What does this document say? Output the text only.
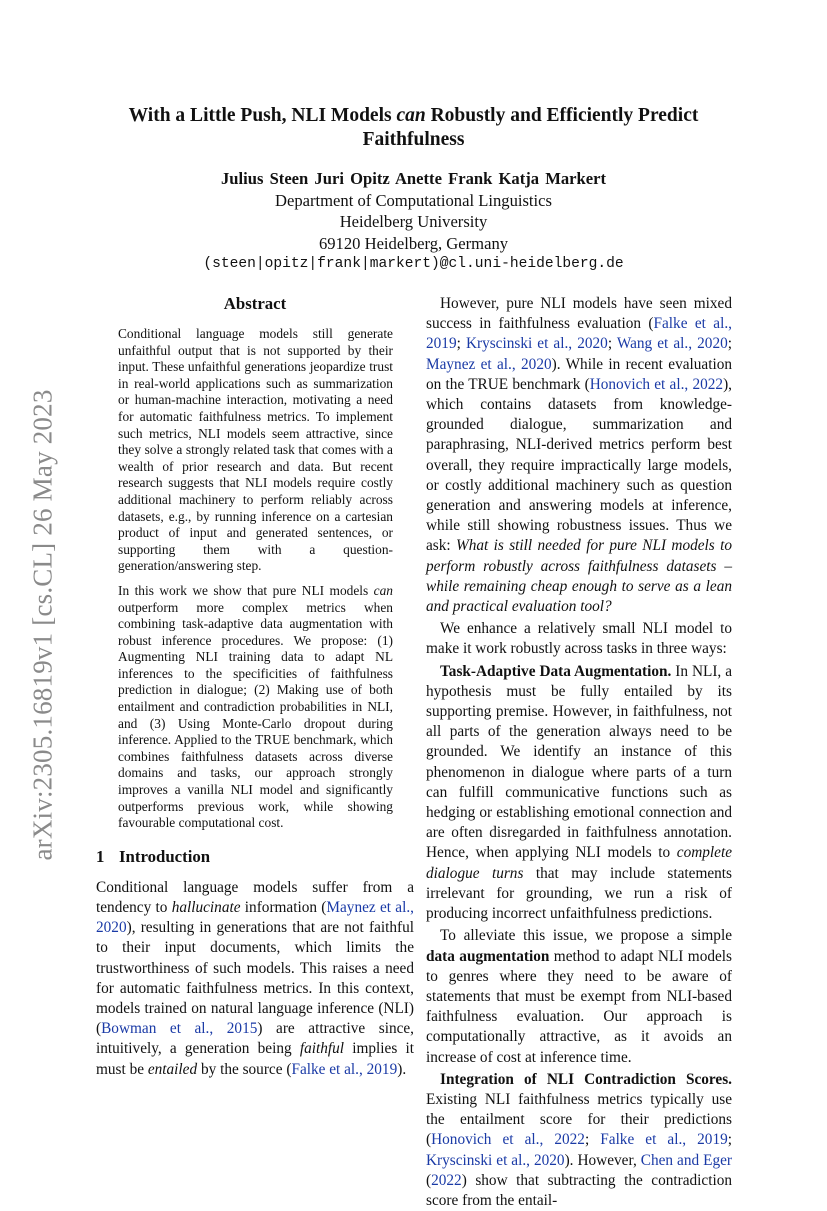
arXiv:2305.16819v1 [cs.CL] 26 May 2023
With a Little Push, NLI Models can Robustly and Efficiently Predict Faithfulness
Julius Steen Juri Opitz Anette Frank Katja Markert
Department of Computational Linguistics
Heidelberg University
69120 Heidelberg, Germany
(steen|opitz|frank|markert)@cl.uni-heidelberg.de
Abstract

Conditional language models still generate unfaithful output that is not supported by their input. These unfaithful generations jeopardize trust in real-world applications such as summarization or human-machine interaction, motivating a need for automatic faithfulness metrics. To implement such metrics, NLI models seem attractive, since they solve a strongly related task that comes with a wealth of prior research and data. But recent research suggests that NLI models require costly additional machinery to perform reliably across datasets, e.g., by running inference on a cartesian product of input and generated sentences, or supporting them with a question-generation/answering step.

In this work we show that pure NLI models can outperform more complex metrics when combining task-adaptive data augmentation with robust inference procedures. We propose: (1) Augmenting NLI training data to adapt NL inferences to the specificities of faithfulness prediction in dialogue; (2) Making use of both entailment and contradiction probabilities in NLI, and (3) Using Monte-Carlo dropout during inference. Applied to the TRUE benchmark, which combines faithfulness datasets across diverse domains and tasks, our approach strongly improves a vanilla NLI model and significantly outperforms previous work, while showing favourable computational cost.

1 Introduction

Conditional language models suffer from a tendency to hallucinate information (Maynez et al., 2020), resulting in generations that are not faithful to their input documents, which limits the trustworthiness of such models. This raises a need for automatic faithfulness metrics. In this context, models trained on natural language inference (NLI) (Bowman et al., 2015) are attractive since, intuitively, a generation being faithful implies it must be entailed by the source (Falke et al., 2019).

However, pure NLI models have seen mixed success in faithfulness evaluation (Falke et al., 2019; Kryscinski et al., 2020; Wang et al., 2020; Maynez et al., 2020). While in recent evaluation on the TRUE benchmark (Honovich et al., 2022), which contains datasets from knowledge-grounded dialogue, summarization and paraphrasing, NLI-derived metrics perform best overall, they require impractically large models, or costly additional machinery such as question generation and answering models at inference, while still showing robustness issues. Thus we ask: What is still needed for pure NLI models to perform robustly across faithfulness datasets – while remaining cheap enough to serve as a lean and practical evaluation tool?

We enhance a relatively small NLI model to make it work robustly across tasks in three ways:

Task-Adaptive Data Augmentation. In NLI, a hypothesis must be fully entailed by its supporting premise. However, in faithfulness, not all parts of the generation always need to be grounded. We identify an instance of this phenomenon in dialogue where parts of a turn can fulfill communicative functions such as hedging or establishing emotional connection and are often disregarded in faithfulness annotation. Hence, when applying NLI models to complete dialogue turns that may include statements irrelevant for grounding, we run a risk of producing incorrect unfaithfulness predictions.

To alleviate this issue, we propose a simple data augmentation method to adapt NLI models to genres where they need to be aware of statements that must be exempt from NLI-based faithfulness evaluation. Our approach is computationally attractive, as it avoids an increase of cost at inference time.

Integration of NLI Contradiction Scores. Existing NLI faithfulness metrics typically use the entailment score for their predictions (Honovich et al., 2022; Falke et al., 2019; Kryscinski et al., 2020). However, Chen and Eger (2022) show that subtracting the contradiction score from the entail-
